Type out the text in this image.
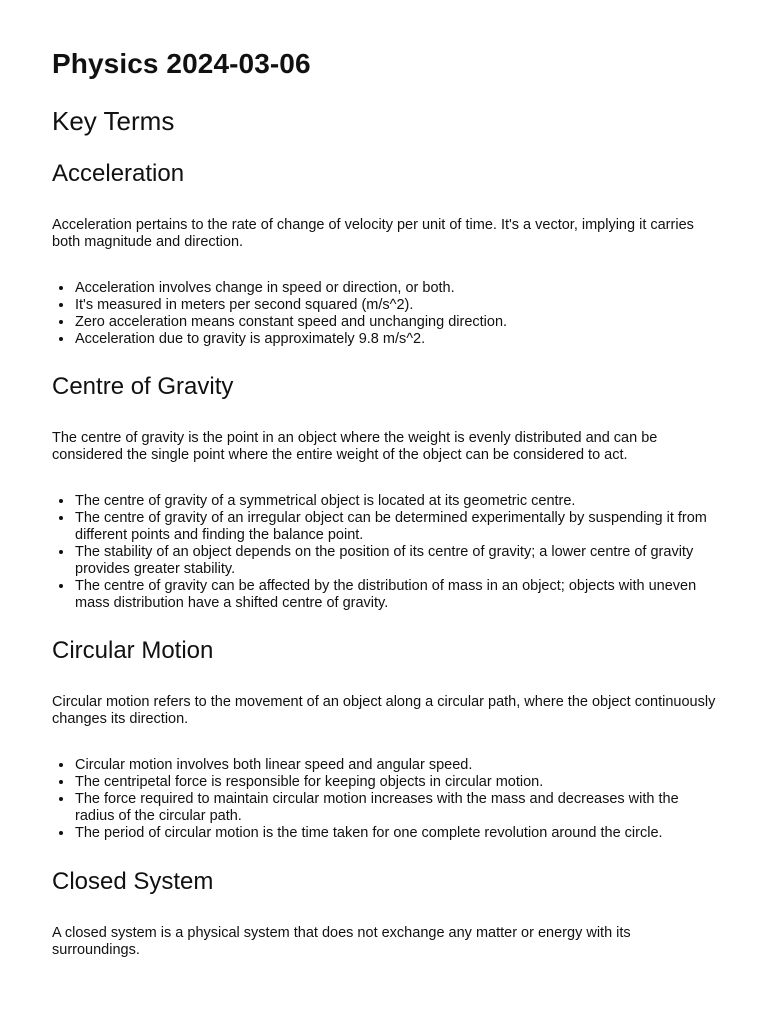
Physics 2024-03-06
Key Terms
Acceleration

Acceleration pertains to the rate of change of velocity per unit of time. It's a vector, implying it carries both magnitude and direction.

• Acceleration involves change in speed or direction, or both.
• It's measured in meters per second squared (m/s^2).
• Zero acceleration means constant speed and unchanging direction.
• Acceleration due to gravity is approximately 9.8 m/s^2.
Centre of Gravity

The centre of gravity is the point in an object where the weight is evenly distributed and can be considered the single point where the entire weight of the object can be considered to act.

• The centre of gravity of a symmetrical object is located at its geometric centre.
• The centre of gravity of an irregular object can be determined experimentally by suspending it from different points and finding the balance point.
• The stability of an object depends on the position of its centre of gravity; a lower centre of gravity provides greater stability.
• The centre of gravity can be affected by the distribution of mass in an object; objects with uneven mass distribution have a shifted centre of gravity.
Circular Motion

Circular motion refers to the movement of an object along a circular path, where the object continuously changes its direction.

• Circular motion involves both linear speed and angular speed.
• The centripetal force is responsible for keeping objects in circular motion.
• The force required to maintain circular motion increases with the mass and decreases with the radius of the circular path.
• The period of circular motion is the time taken for one complete revolution around the circle.
Closed System

A closed system is a physical system that does not exchange any matter or energy with its surroundings.
